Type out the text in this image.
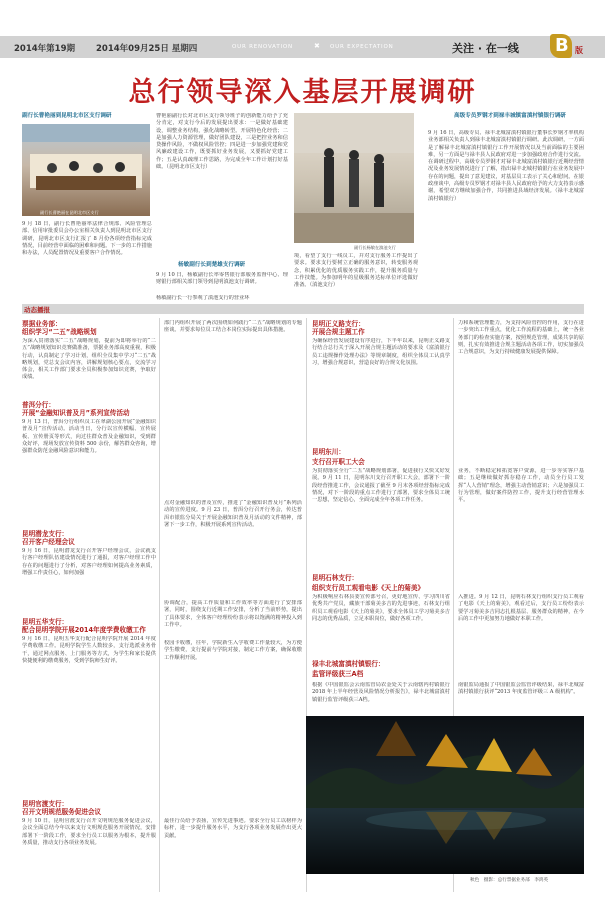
2014年第19期 2014年09月25日 星期四	OUR RENOVATION	✖ OUR EXPECTATION	关注 · 在一线 B 版
总行领导深入基层开展调研
副行长曹艳丽到昆明北市区支行调研
副行长曹艳丽在昆明北市区支行
9 月 18 日，副行长曹艳丽率法律合规部、风险管理总部、信用审批委员会办公室相关负责人到昆明北市区支行调研，昆明北市区支行汇报了 8 月份各项经营指标完成情况，目前经营中面临的困难和问题。下一步的工作措施和办法，人员配置情况及重要客户合作情况。
曹艳丽副行长对北市区支行领导班子的创新能力给予了充分肯定，对支行今后的发展提出要求：一是做好基础建设，调整业务结构，强化战略转型。开展特色化经营；二是加强人力资源管理，做好团队建设，三是把控业务和信贷操作风险，不做权风险管控；四是进一步加强党建和党风廉政建设工作，既要抓好业务发展，又要抓好党建工作；五是认真疏理工作思路，为完成全年工作计划打好基础。（昆明北市区支行）
杨敏副行长到楚雄支行调研
9 月 10 日，杨敏副行长率零售银行部服务监督中心、理财银行部相关部门领导到昆明滇池支行调研。
杨敏副行长一行参观了滇池支行的营业环
副行长杨敏在滇池支行
境，看望了支行一线员工，并对支行服务工作提出了要求。要求支行要树立正确的服务意识，转变服务观念，积累优化的优质服务实践工作，提升服务质量与工作技能。为参加明年的星级服务达标单位评选做好准备。（滇池支行）
高级专员罗钢才到禄丰城镇富滇村镇银行调研
9 月 16 日，高级专员、禄丰北城富滇村镇银行董事长罗钢才率机构业务部相关负责人到禄丰北城富滇村镇银行调研。此次调研，一方面是了解禄丰北城富滇村镇银行工作开展情况以及当前面临的主要困难，另一方面是与禄丰县人民政府对进一步加强政府合作进行交流。在调研过程中，高级专员罗钢才对禄丰北城富滇村镇银行近期经营情况及业务发展情况进行了了解，指出禄丰北城村镇银行在业务发展中存在的问题，提出了意见建议，对基层员工表示了关心和慰问。在银政座谈中，高级专员罗钢才对禄丰县人民政府给予的大力支持表示感谢，希望双方继续加强合作，共同推进县域经济发展。（禄丰北城富滇村镇银行）
动态播报
票据业务部：
组织学习“二五”战略规划
为深入贯彻落实“二五”战略规划，提前为即将举行的“二五”战略规划知识竞赛做准备，票据业务部高度重视，积极行动，认真制定了学习计划，组织全员集中学习“二五”战略规划，党总支会议内容，讲解规划核心要点，交流学习体会，相关工作部门要求全员积极参加知识竞赛，争取好成绩。
普洱分行：
开展“金融知识普及月”系列宣传活动
9 月 13 日，普洱分行组织员工在翠湖公园开展“金融知识普及月”宣传活动。活动当日，分行以宣传横幅、宣传展板、宣传册页等形式，向过往群众普及金融知识，受到群众好评，现场发放宣传资料 500 余份，解答群众咨询，增强群众防范金融风险意识和能力。
昆明潜龙支行：
召开客户经理会议
9 月 16 日，昆明潜龙支行召开客户经理会议，会议就支行客户经理队伍建设情况进行了通报，对客户经理工作中存在的问题进行了分析，对客户经理如何提高业务素质，增强工作责任心，如何加强
昆明五华支行：
配合昆明学院开展2014年度学费收缴工作
9 月 16 日，昆明五华支行配合昆明学院开展 2014 年度学费收缴工作。昆明学院学生人数较多，支行选派业务骨干，通过网点服务、上门服务等方式，为学生和家长提供快捷便利的缴费服务，受到学院师生好评。
昆明官渡支行：
召开文明规范服务促进会议
9 月 10 日，昆明官渡支行召开文明规范服务促进会议，会议全面总结今年以来支行文明规范服务开展情况，安排部署下一阶段工作，要求全行员工以服务为根本，提升服务质量，推动支行各项业务发展。
部门内组织开展了两次围绕如何践行“二五”战略规划的专题座谈。并要求每位员工结合本岗位实际提出具体措施。
点对金融知识的普及宣传，推进了“金融知识普及月”系列活动的宣传进度。9 月 23 日，普洱分行召开行务会，传达普洱市银监分局关于开展金融知识普及月活动的文件精神，部署下一步工作，积极开展系列宣传活动。
协调配合，提高工作质量和工作效率等方面进行了安排部署，同时，围绕支行近期工作安排，分析了当前形势，提出了具体要求，全体客户经理纷纷表示将以饱满的精神投入到工作中。
校园卡收缴，往年，学院新生入学收费工作量较大，为方便学生缴费，支行提前与学院对接，制定工作方案，确保收缴工作顺利开展。
最佳行员给予表扬，宣传先进事迹。要求全行员工以榜样为标杆，进一步提升服务水平，为支行各项业务发展作出更大贡献。
昆明正义路支行：
开展合规主题工作
为确保经营发展建设有序进行，下半年以来，昆明正义路支行结合总行关于深入开展合规主题活动的要求及《富滇银行员工违规操作处理办法》等规章制度，组织全体员工认真学习，增强合规意识，营造良好的合规文化氛围。
昆明东川：
支行召开职工大会
为贯彻落实全行“二五”战略规划部署，促进我行又快又好发展。9 月 11 日，昆明东川支行召开职工大会，部署下一阶段经营推进工作，会议通报了截至 9 月末各项经营指标完成情况，对下一阶段的重点工作进行了部署，要求全体员工统一思想，坚定信心，全面完成全年各项工作任务。
昆明石林支行：
组织支行员工观看电影《天上的菊美》
为积极响应石林县委宣传部号召，更好地宣传、学习四川省优秀共产党员，藏族干部菊美多吉的先进事迹，石林支行组织员工观看电影《天上的菊美》，要求全体员工学习菊美多吉同志的优秀品质，立足本职岗位，做好各项工作。
禄丰北城富滇村镇银行：
监管评级获三A档
根据《中国银监会云南监管局农金处关于云南辖内村镇银行 2018 年上半年经营及风险情况分析报告》，禄丰北城富滇村镇银行监管评级获三A档。
力和系统管理能力，为支持风险管控的作用，支行在进一步突出工作重点，优化工作流程的基础上，统一各业务部门的检查实施方案，按照规范管理，成果共享的原则，扎实有效推进合规主题活动各项工作，切实加强员工合规意识，为支行持续健康发展提供保障。
业务，不断稳定和拓宽客户资源，进一步夯实客户基础；五是继续做好抓存稳存工作，动员全行员工发挥“人人营销”理念，增强主动营销意识；六是加强员工行为管理，做好案件防控工作，提升支行经营管理水平。
入推进。9 月 12 日，昆明石林支行组织支行员工观看了电影《天上的菊美》，观看过后，支行员工纷纷表示要学习菊美多吉同志扎根基层、服务群众的精神，在今后的工作中更加努力地做好本职工作。
南银监局通报了中国银监会监管评级结果，禄丰北城富滇村镇银行获评“2013 年度监管评级三 A 级机构”。
秋色　摄影：总行票据业务部　李鸿英
